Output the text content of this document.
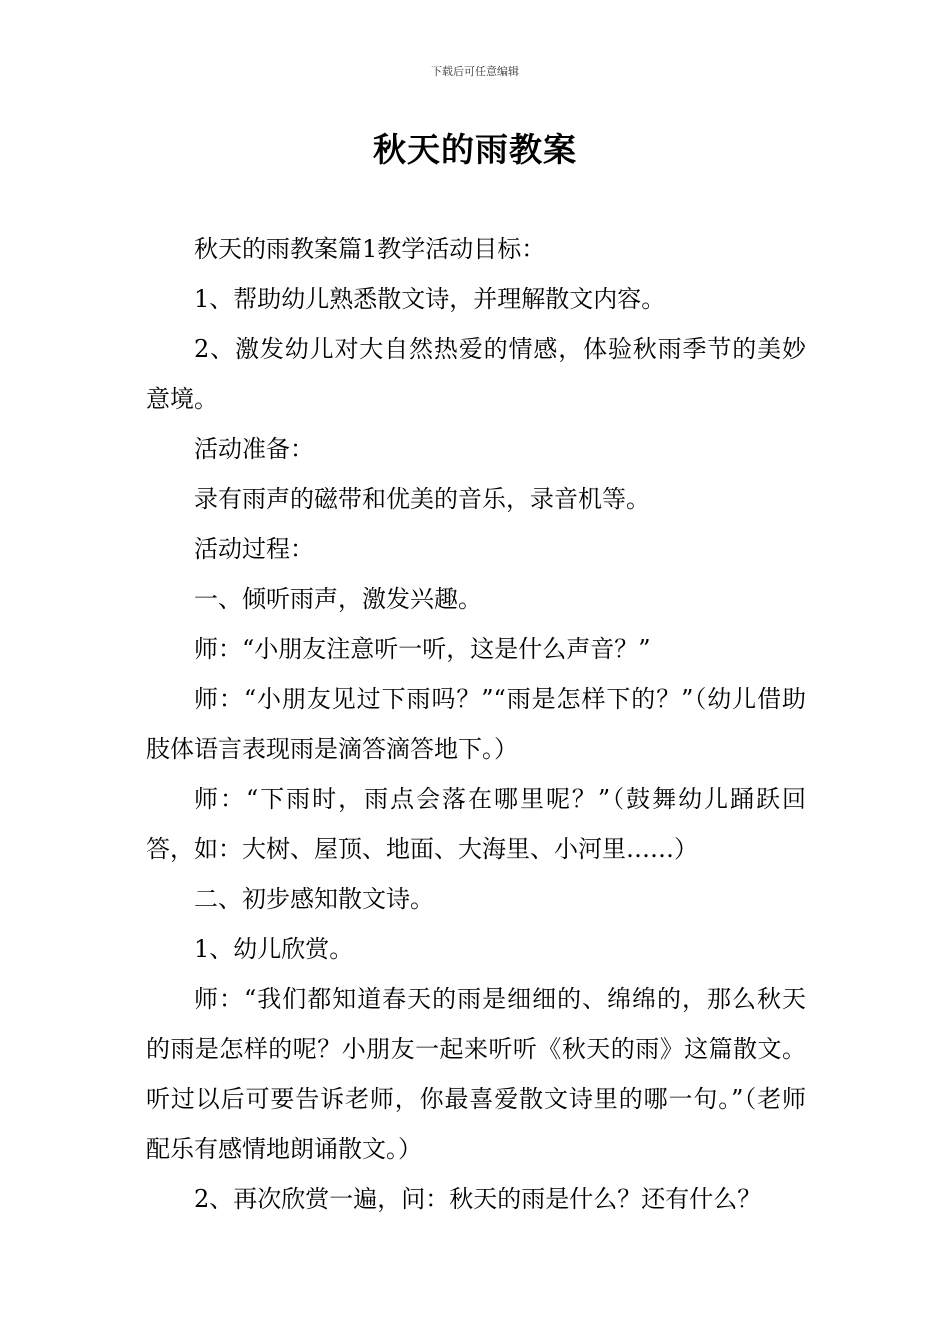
下载后可任意编辑
秋天的雨教案

秋天的雨教案篇1教学活动目标：

1、帮助幼儿熟悉散文诗，并理解散文内容。

2、激发幼儿对大自然热爱的情感，体验秋雨季节的美妙意境。

活动准备：

录有雨声的磁带和优美的音乐，录音机等。

活动过程：

一、倾听雨声，激发兴趣。

师：“小朋友注意听一听，这是什么声音？”

师：“小朋友见过下雨吗？”“雨是怎样下的？”（幼儿借助肢体语言表现雨是滴答滴答地下。）

师：“下雨时，雨点会落在哪里呢？”（鼓舞幼儿踊跃回答，如：大树、屋顶、地面、大海里、小河里……）

二、初步感知散文诗。

1、幼儿欣赏。

师：“我们都知道春天的雨是细细的、绵绵的，那么秋天的雨是怎样的呢？小朋友一起来听听《秋天的雨》这篇散文。听过以后可要告诉老师，你最喜爱散文诗里的哪一句。”（老师配乐有感情地朗诵散文。）

2、再次欣赏一遍，问：秋天的雨是什么？还有什么？
